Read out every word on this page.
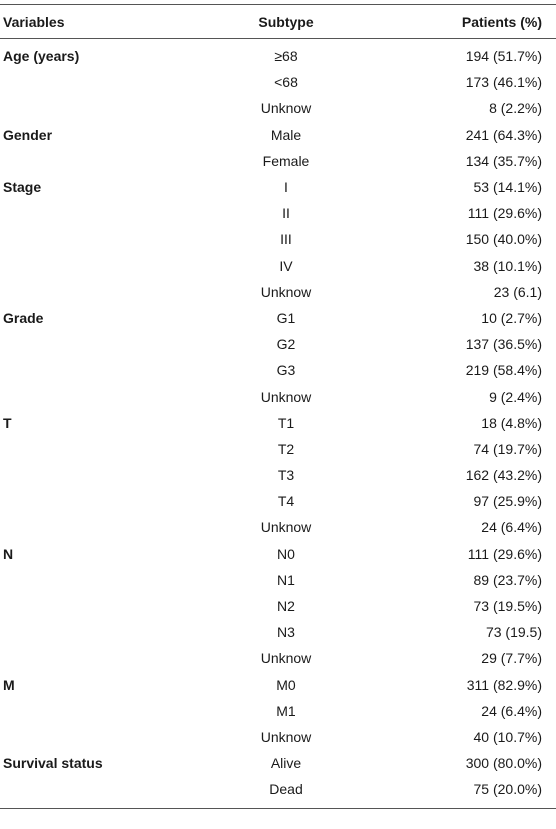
Variables	Subtype	Patients (%)
Age (years)	≥68	194 (51.7%)
	<68	173 (46.1%)
	Unknow	8 (2.2%)
Gender	Male	241 (64.3%)
	Female	134 (35.7%)
Stage	I	53 (14.1%)
	II	111 (29.6%)
	III	150 (40.0%)
	IV	38 (10.1%)
	Unknow	23 (6.1)
Grade	G1	10 (2.7%)
	G2	137 (36.5%)
	G3	219 (58.4%)
	Unknow	9 (2.4%)
T	T1	18 (4.8%)
	T2	74 (19.7%)
	T3	162 (43.2%)
	T4	97 (25.9%)
	Unknow	24 (6.4%)
N	N0	111 (29.6%)
	N1	89 (23.7%)
	N2	73 (19.5%)
	N3	73 (19.5)
	Unknow	29 (7.7%)
M	M0	311 (82.9%)
	M1	24 (6.4%)
	Unknow	40 (10.7%)
Survival status	Alive	300 (80.0%)
	Dead	75 (20.0%)
